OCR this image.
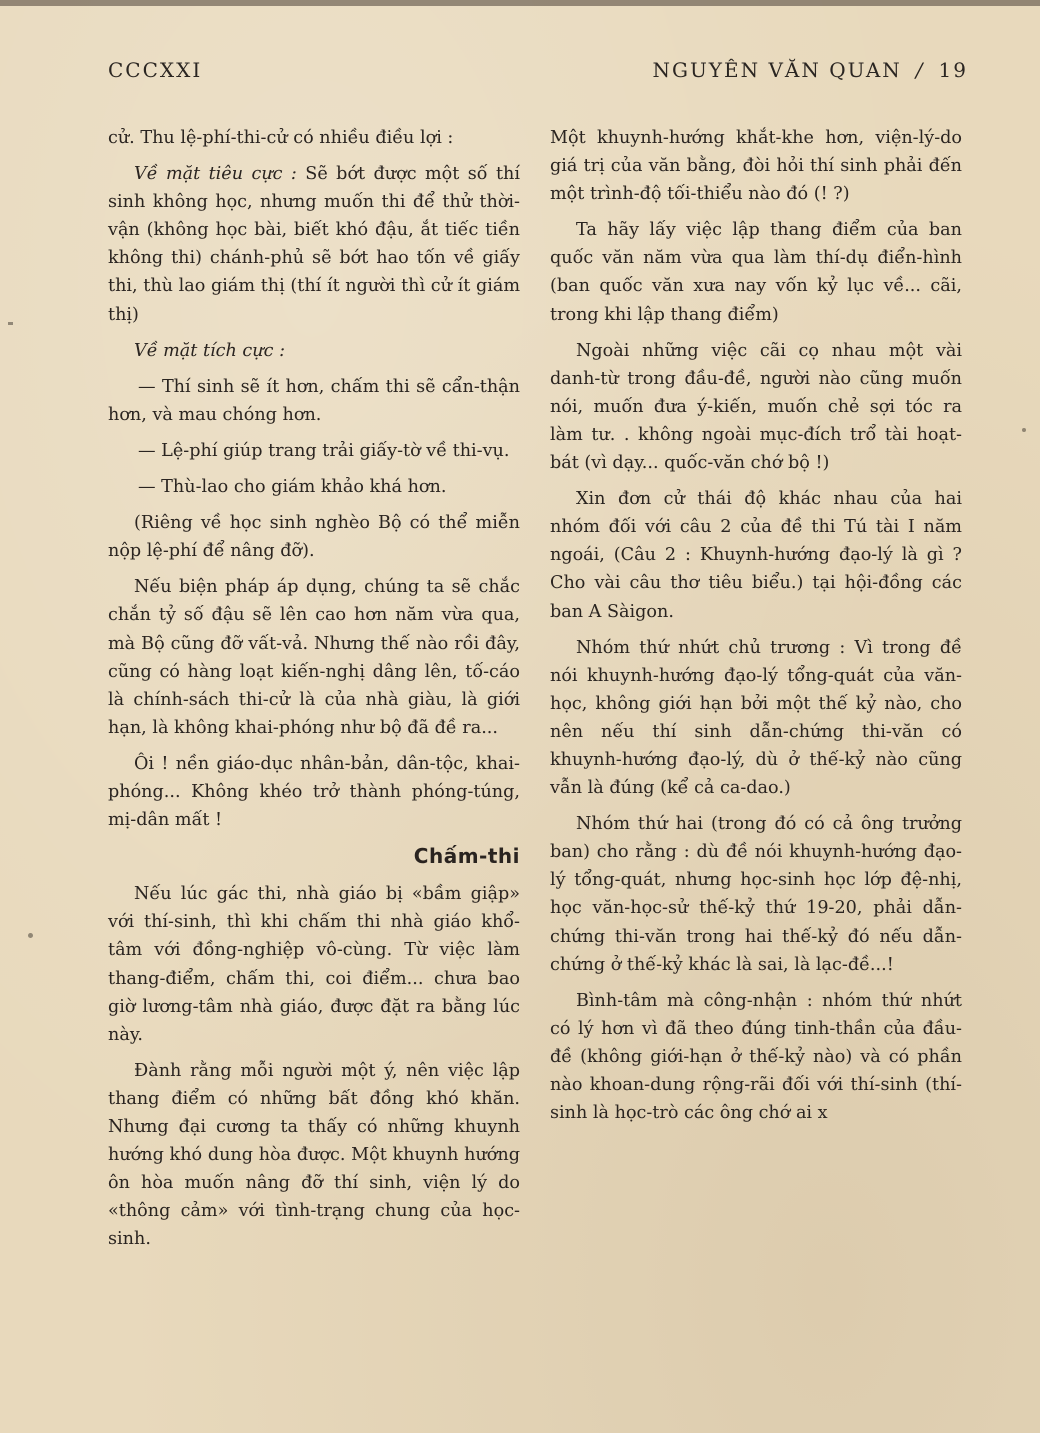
CCCXXI	NGUYÊN VĂN QUAN / 19

cử. Thu lệ-phí-thi-cử có nhiều điều lợi :

Về mặt tiêu cực : Sẽ bớt được một số thí sinh không học, nhưng muốn thi để thử thời-vận (không học bài, biết khó đậu, ắt tiếc tiền không thi) chánh-phủ sẽ bớt hao tốn về giấy thi, thù lao giám thị (thí ít người thì cử ít giám thị)

Về mặt tích cực :

— Thí sinh sẽ ít hơn, chấm thi sẽ cẩn-thận hơn, và mau chóng hơn.

— Lệ-phí giúp trang trải giấy-tờ về thi-vụ.

— Thù-lao cho giám khảo khá hơn.

(Riêng về học sinh nghèo Bộ có thể miễn nộp lệ-phí để nâng đỡ).

Nếu biện pháp áp dụng, chúng ta sẽ chắc chắn tỷ số đậu sẽ lên cao hơn năm vừa qua, mà Bộ cũng đỡ vất-vả. Nhưng thế nào rồi đây, cũng có hàng loạt kiến-nghị dâng lên, tố-cáo là chính-sách thi-cử là của nhà giàu, là giới hạn, là không khai-phóng như bộ đã đề ra...

Ôi ! nền giáo-dục nhân-bản, dân-tộc, khai-phóng... Không khéo trở thành phóng-túng, mị-dân mất !

Chấm-thi

Nếu lúc gác thi, nhà giáo bị «bầm giập» với thí-sinh, thì khi chấm thi nhà giáo khổ-tâm với đồng-nghiệp vô-cùng. Từ việc làm thang-điểm, chấm thi, coi điểm... chưa bao giờ lương-tâm nhà giáo, được đặt ra bằng lúc này.

Đành rằng mỗi người một ý, nên việc lập thang điểm có những bất đồng khó khăn. Nhưng đại cương ta thấy có những khuynh hướng khó dung hòa được. Một khuynh hướng ôn hòa muốn nâng đỡ thí sinh, viện lý do «thông cảm» với tình-trạng chung của học-sinh.

Một khuynh-hướng khắt-khe hơn, viện-lý-do giá trị của văn bằng, đòi hỏi thí sinh phải đến một trình-độ tối-thiểu nào đó (! ?)

Ta hãy lấy việc lập thang điểm của ban quốc văn năm vừa qua làm thí-dụ điển-hình (ban quốc văn xưa nay vốn kỷ lục về... cãi, trong khi lập thang điểm)

Ngoài những việc cãi cọ nhau một vài danh-từ trong đầu-đề, người nào cũng muốn nói, muốn đưa ý-kiến, muốn chẻ sợi tóc ra làm tư. . không ngoài mục-đích trổ tài hoạt-bát (vì dạy... quốc-văn chớ bộ !)

Xin đơn cử thái độ khác nhau của hai nhóm đối với câu 2 của đề thi Tú tài I năm ngoái, (Câu 2 : Khuynh-hướng đạo-lý là gì ? Cho vài câu thơ tiêu biểu.) tại hội-đồng các ban A Sàigon.

Nhóm thứ nhứt chủ trương : Vì trong đề nói khuynh-hướng đạo-lý tổng-quát của văn-học, không giới hạn bởi một thế kỷ nào, cho nên nếu thí sinh dẫn-chứng thi-văn có khuynh-hướng đạo-lý, dù ở thế-kỷ nào cũng vẫn là đúng (kể cả ca-dao.)

Nhóm thứ hai (trong đó có cả ông trưởng ban) cho rằng : dù đề nói khuynh-hướng đạo-lý tổng-quát, nhưng học-sinh học lớp đệ-nhị, học văn-học-sử thế-kỷ thứ 19-20, phải dẫn-chứng thi-văn trong hai thế-kỷ đó nếu dẫn-chứng ở thế-kỷ khác là sai, là lạc-đề...!

Bình-tâm mà công-nhận : nhóm thứ nhứt có lý hơn vì đã theo đúng tinh-thần của đầu-đề (không giới-hạn ở thế-kỷ nào) và có phần nào khoan-dung rộng-rãi đối với thí-sinh (thí-sinh là học-trò các ông chớ ai x
